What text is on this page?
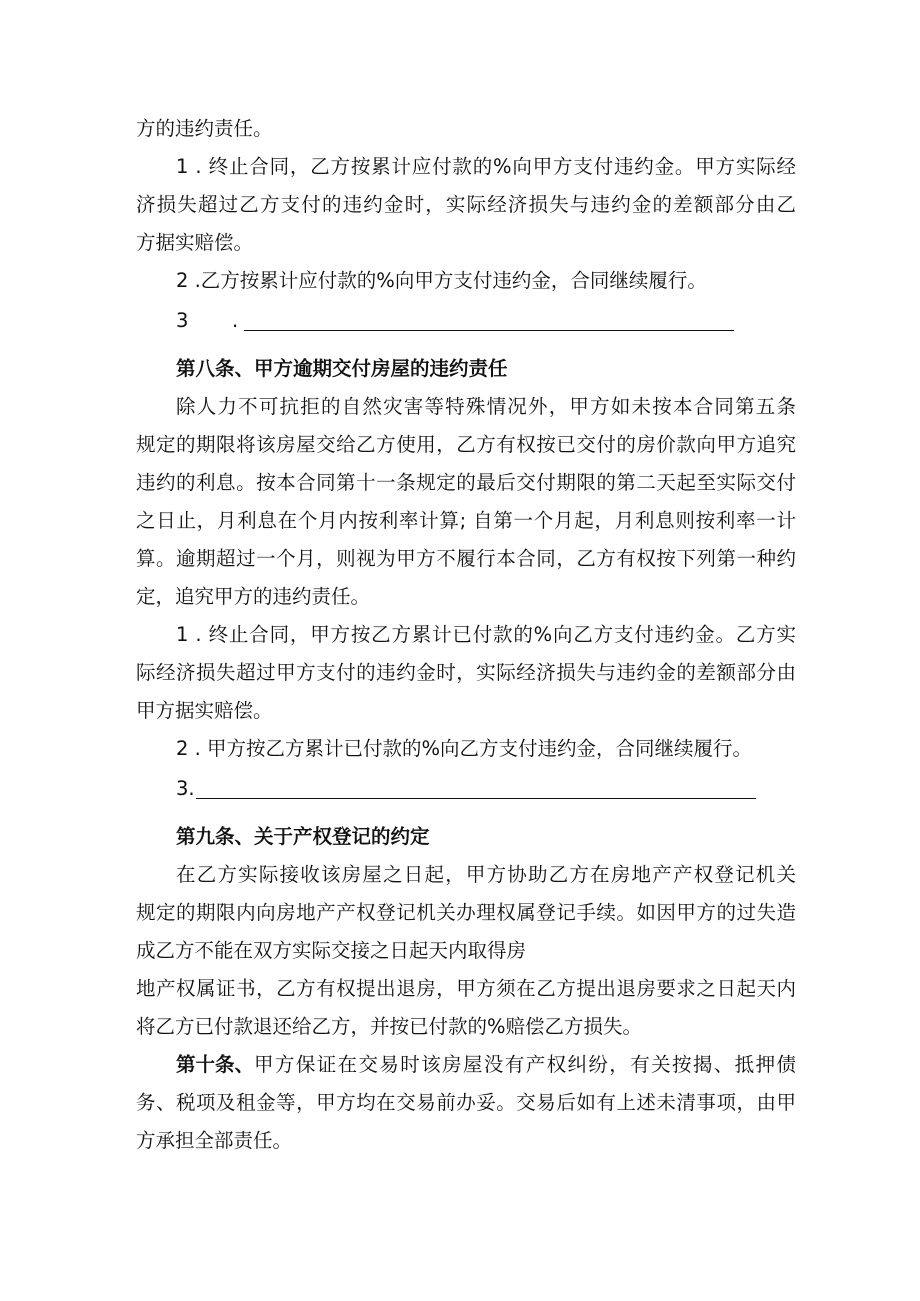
方的违约责任。
1 . 终止合同，乙方按累计应付款的%向甲方支付违约金。甲方实际经
济损失超过乙方支付的违约金时，实际经济损失与违约金的差额部分由乙
方据实赔偿。
2 .乙方按累计应付款的%向甲方支付违约金，合同继续履行。
3 .
第八条、甲方逾期交付房屋的违约责任
除人力不可抗拒的自然灾害等特殊情况外，甲方如未按本合同第五条
规定的期限将该房屋交给乙方使用，乙方有权按已交付的房价款向甲方追究
违约的利息。按本合同第十一条规定的最后交付期限的第二天起至实际交付
之日止，月利息在个月内按利率计算; 自第一个月起，月利息则按利率一计
算。逾期超过一个月，则视为甲方不履行本合同，乙方有权按下列第一种约
定，追究甲方的违约责任。
1 . 终止合同，甲方按乙方累计已付款的%向乙方支付违约金。乙方实
际经济损失超过甲方支付的违约金时，实际经济损失与违约金的差额部分由
甲方据实赔偿。
2 . 甲方按乙方累计已付款的%向乙方支付违约金，合同继续履行。
3.
第九条、关于产权登记的约定
在乙方实际接收该房屋之日起，甲方协助乙方在房地产产权登记机关
规定的期限内向房地产产权登记机关办理权属登记手续。如因甲方的过失造
成乙方不能在双方实际交接之日起天内取得房
地产权属证书，乙方有权提出退房，甲方须在乙方提出退房要求之日起天内
将乙方已付款退还给乙方，并按已付款的%赔偿乙方损失。
第十条、 甲方保证在交易时该房屋没有产权纠纷，有关按揭、抵押债
务、税项及租金等，甲方均在交易前办妥。交易后如有上述未清事项，由甲
方承担全部责任。
